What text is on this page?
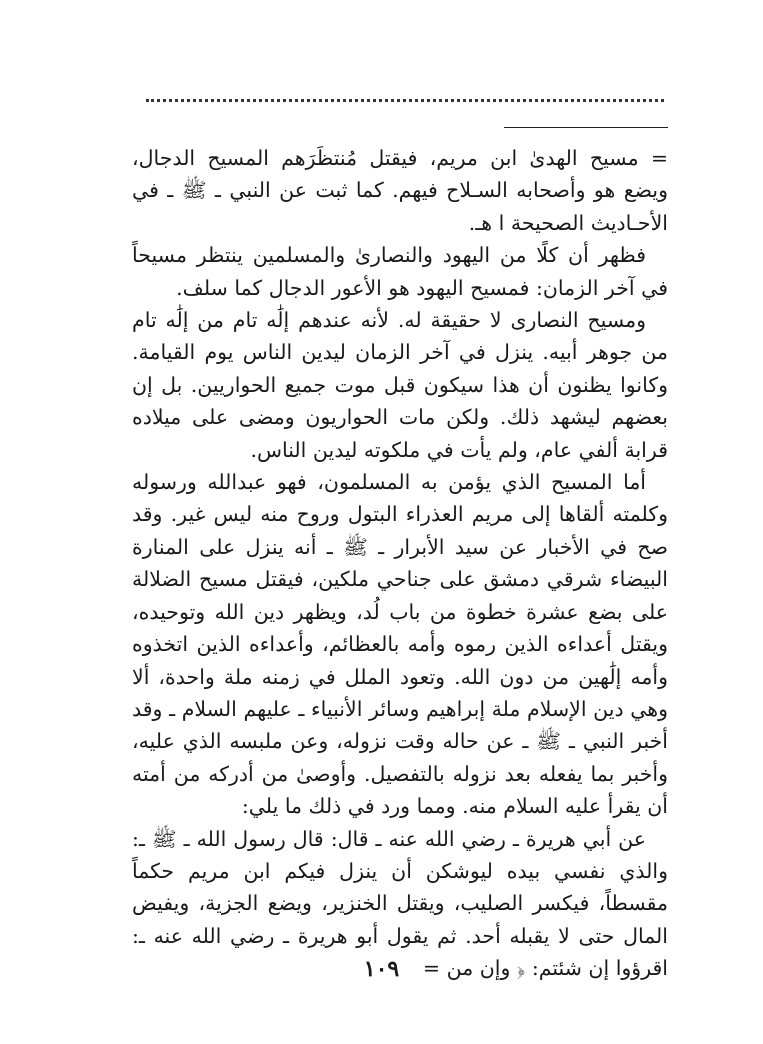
= مسيح الهدىٰ ابن مريم، فيقتل مُنتظَرَهم المسيح الدجال، ويضع هو وأصحابه السـلاح فيهم. كما ثبت عن النبي ـ ﷺ ـ في الأحـاديث الصحيحة ا هـ.

فظهر أن كلًا من اليهود والنصارىٰ والمسلمين ينتظر مسيحاً في آخر الزمان: فمسيح اليهود هو الأعور الدجال كما سلف.

ومسيح النصارى لا حقيقة له. لأنه عندهم إلَٰه تام من إلَٰه تام من جوهر أبيه. ينزل في آخر الزمان ليدين الناس يوم القيامة. وكانوا يظنون أن هذا سيكون قبل موت جميع الحواريين. بل إن بعضهم ليشهد ذلك. ولكن مات الحواريون ومضى على ميلاده قرابة ألفي عام، ولم يأت في ملكوته ليدين الناس.

أما المسيح الذي يؤمن به المسلمون، فهو عبدالله ورسوله وكلمته ألقاها إلى مريم العذراء البتول وروح منه ليس غير. وقد صح في الأخبار عن سيد الأبرار ـ ﷺ ـ أنه ينزل على المنارة البيضاء شرقي دمشق على جناحي ملكين، فيقتل مسيح الضلالة على بضع عشرة خطوة من باب لُد، ويظهر دين الله وتوحيده، ويقتل أعداءه الذين رموه وأمه بالعظائم، وأعداءه الذين اتخذوه وأمه إلَٰهين من دون الله. وتعود الملل في زمنه ملة واحدة، ألا وهي دين الإسلام ملة إبراهيم وسائر الأنبياء ـ عليهم السلام ـ وقد أخبر النبي ـ ﷺ ـ عن حاله وقت نزوله، وعن ملبسه الذي عليه، وأخبر بما يفعله بعد نزوله بالتفصيل. وأوصىٰ من أدركه من أمته أن يقرأ عليه السلام منه. ومما ورد في ذلك ما يلي:

عن أبي هريرة ـ رضي الله عنه ـ قال: قال رسول الله ـ ﷺ ـ: والذي نفسي بيده ليوشكن أن ينزل فيكم ابن مريم حكماً مقسطاً، فيكسر الصليب، ويقتل الخنزير، ويضع الجزية، ويفيض المال حتى لا يقبله أحد. ثم يقول أبو هريرة ـ رضي الله عنه ـ: اقرؤوا إن شئتم: ﴿ وإن من =

١٠٩
